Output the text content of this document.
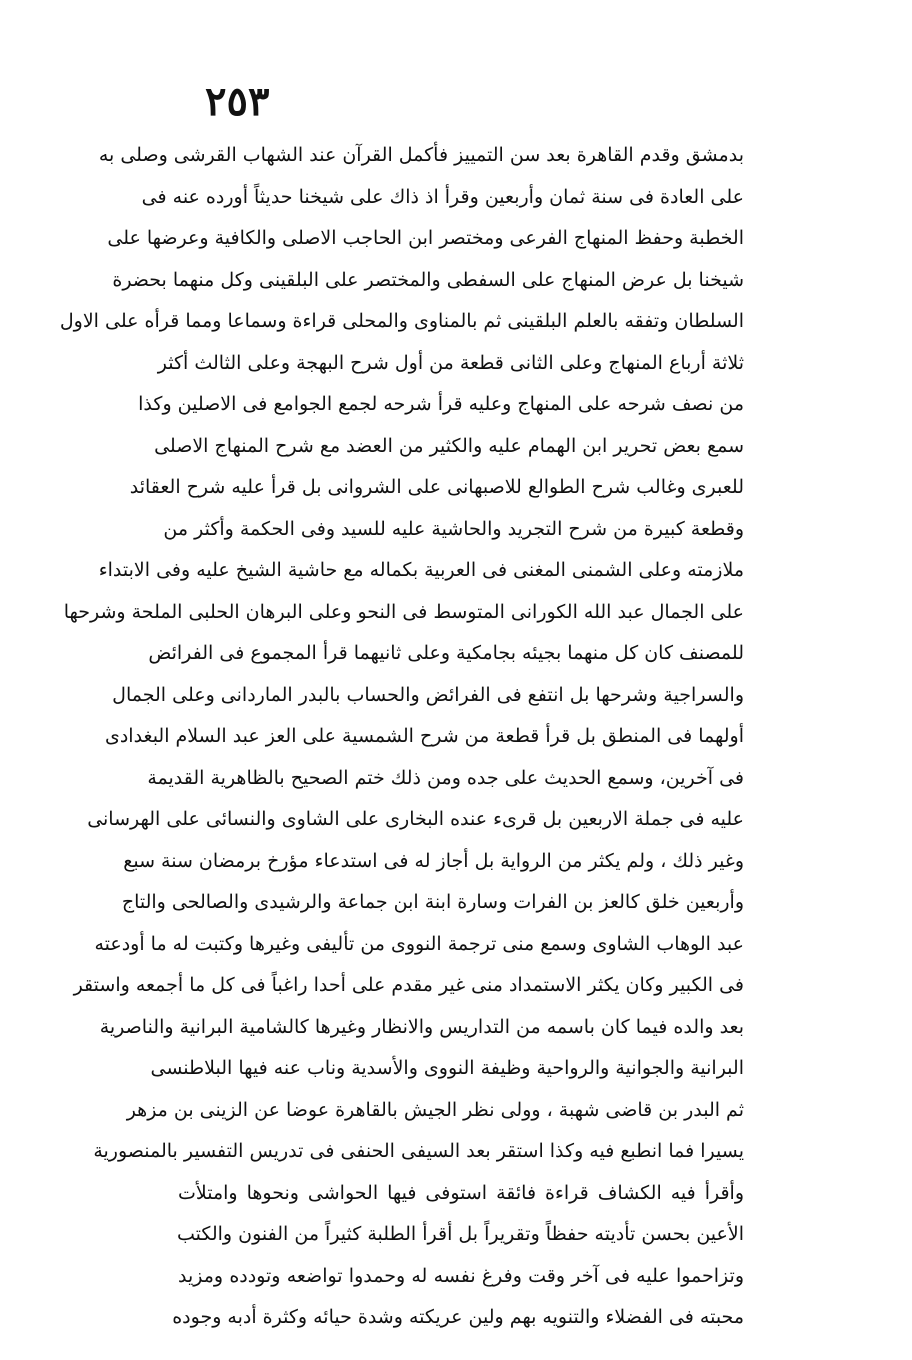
٢٥٣
بدمشق وقدم القاهرة بعد سن التمييز فأكمل القرآن عند الشهاب القرشى وصلى به
على العادة فى سنة ثمان وأربعين وقرأ اذ ذاك على شيخنا حديثاً أورده عنه فى
الخطبة وحفظ المنهاج الفرعى ومختصر ابن الحاجب الاصلى والكافية وعرضها على
شيخنا بل عرض المنهاج على السفطى والمختصر على البلقينى وكل منهما بحضرة
السلطان وتفقه بالعلم البلقينى ثم بالمناوى والمحلى قراءة وسماعا ومما قرأه على الاول
ثلاثة أرباع المنهاج وعلى الثانى قطعة من أول شرح البهجة وعلى الثالث أكثر
من نصف شرحه على المنهاج وعليه قرأ شرحه لجمع الجوامع فى الاصلين وكذا
سمع بعض تحرير ابن الهمام عليه والكثير من العضد مع شرح المنهاج الاصلى
للعبرى وغالب شرح الطوالع للاصبهانى على الشروانى بل قرأ عليه شرح العقائد
وقطعة كبيرة من شرح التجريد والحاشية عليه للسيد وفى الحكمة وأكثر من
ملازمته وعلى الشمنى المغنى فى العربية بكماله مع حاشية الشيخ عليه وفى الابتداء
على الجمال عبد الله الكورانى المتوسط فى النحو وعلى البرهان الحلبى الملحة وشرحها
للمصنف كان كل منهما بجيئه بجامكية وعلى ثانيهما قرأ المجموع فى الفرائض
والسراجية وشرحها بل انتفع فى الفرائض والحساب بالبدر الماردانى وعلى الجمال
أولهما فى المنطق بل قرأ قطعة من شرح الشمسية على العز عبد السلام البغدادى
فى آخرين، وسمع الحديث على جده ومن ذلك ختم الصحيح بالظاهرية القديمة
عليه فى جملة الاربعين بل قرىء عنده البخارى على الشاوى والنسائى على الهرسانى
وغير ذلك ، ولم يكثر من الرواية بل أجاز له فى استدعاء مؤرخ برمضان سنة سبع
وأربعين خلق كالعز بن الفرات وسارة ابنة ابن جماعة والرشيدى والصالحى والتاج
عبد الوهاب الشاوى وسمع منى ترجمة النووى من تأليفى وغيرها وكتبت له ما أودعته
فى الكبير وكان يكثر الاستمداد منى غير مقدم على أحدا راغباً فى كل ما أجمعه واستقر
بعد والده فيما كان باسمه من التداريس والانظار وغيرها كالشامية البرانية والناصرية
البرانية والجوانية والرواحية وظيفة النووى والأسدية وناب عنه فيها البلاطنسى
ثم البدر بن قاضى شهبة ، وولى نظر الجيش بالقاهرة عوضا عن الزينى بن مزهر
يسيرا فما انطبع فيه وكذا استقر بعد السيفى الحنفى فى تدريس التفسير بالمنصورية
وأقرأ فيه الكشاف قراءة فائقة استوفى فيها الحواشى ونحوها وامتلأت
الأعين بحسن تأديته حفظاً وتقريراً بل أقرأ الطلبة كثيراً من الفنون والكتب
وتزاحموا عليه فى آخر وقت وفرغ نفسه له وحمدوا تواضعه وتودده ومزيد
محبته فى الفضلاء والتنويه بهم ولين عريكته وشدة حيائه وكثرة أدبه وجوده
